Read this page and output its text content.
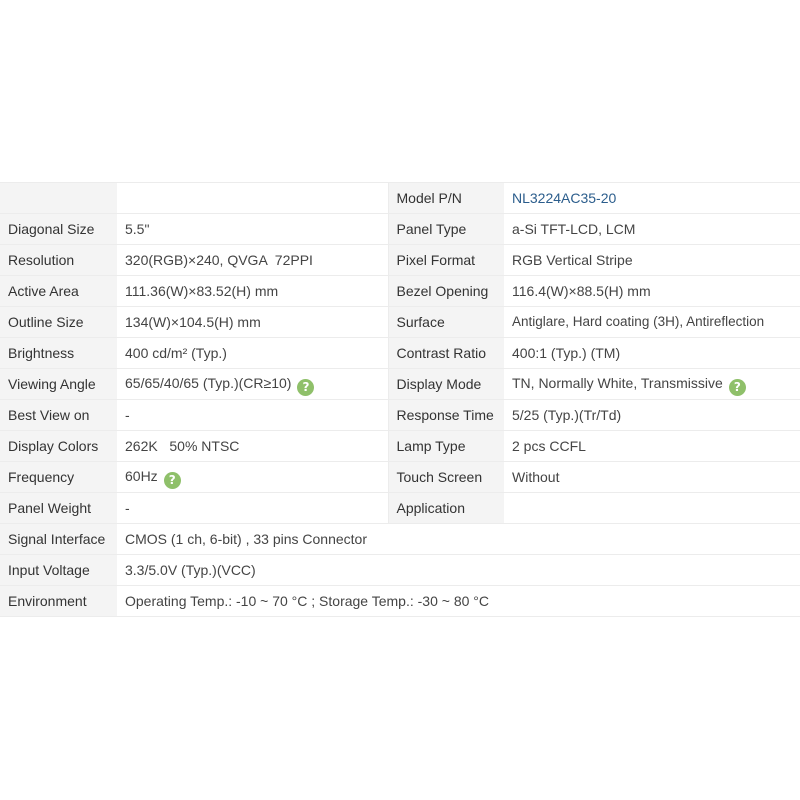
		Model P/N	NL3224AC35-20
Diagonal Size	5.5"	Panel Type	a-Si TFT-LCD, LCM
Resolution	320(RGB)×240, QVGA  72PPI	Pixel Format	RGB Vertical Stripe
Active Area	111.36(W)×83.52(H) mm	Bezel Opening	116.4(W)×88.5(H) mm
Outline Size	134(W)×104.5(H) mm	Surface	Antiglare, Hard coating (3H), Antireflection
Brightness	400 cd/m² (Typ.)	Contrast Ratio	400:1 (Typ.) (TM)
Viewing Angle	65/65/40/65 (Typ.)(CR≥10) ?	Display Mode	TN, Normally White, Transmissive ?
Best View on	-	Response Time	5/25 (Typ.)(Tr/Td)
Display Colors	262K   50% NTSC	Lamp Type	2 pcs CCFL
Frequency	60Hz ?	Touch Screen	Without
Panel Weight	-	Application	
Signal Interface	CMOS (1 ch, 6-bit) , 33 pins Connector		
Input Voltage	3.3/5.0V (Typ.)(VCC)		
Environment	Operating Temp.: -10 ~ 70 °C ; Storage Temp.: -30 ~ 80 °C		
